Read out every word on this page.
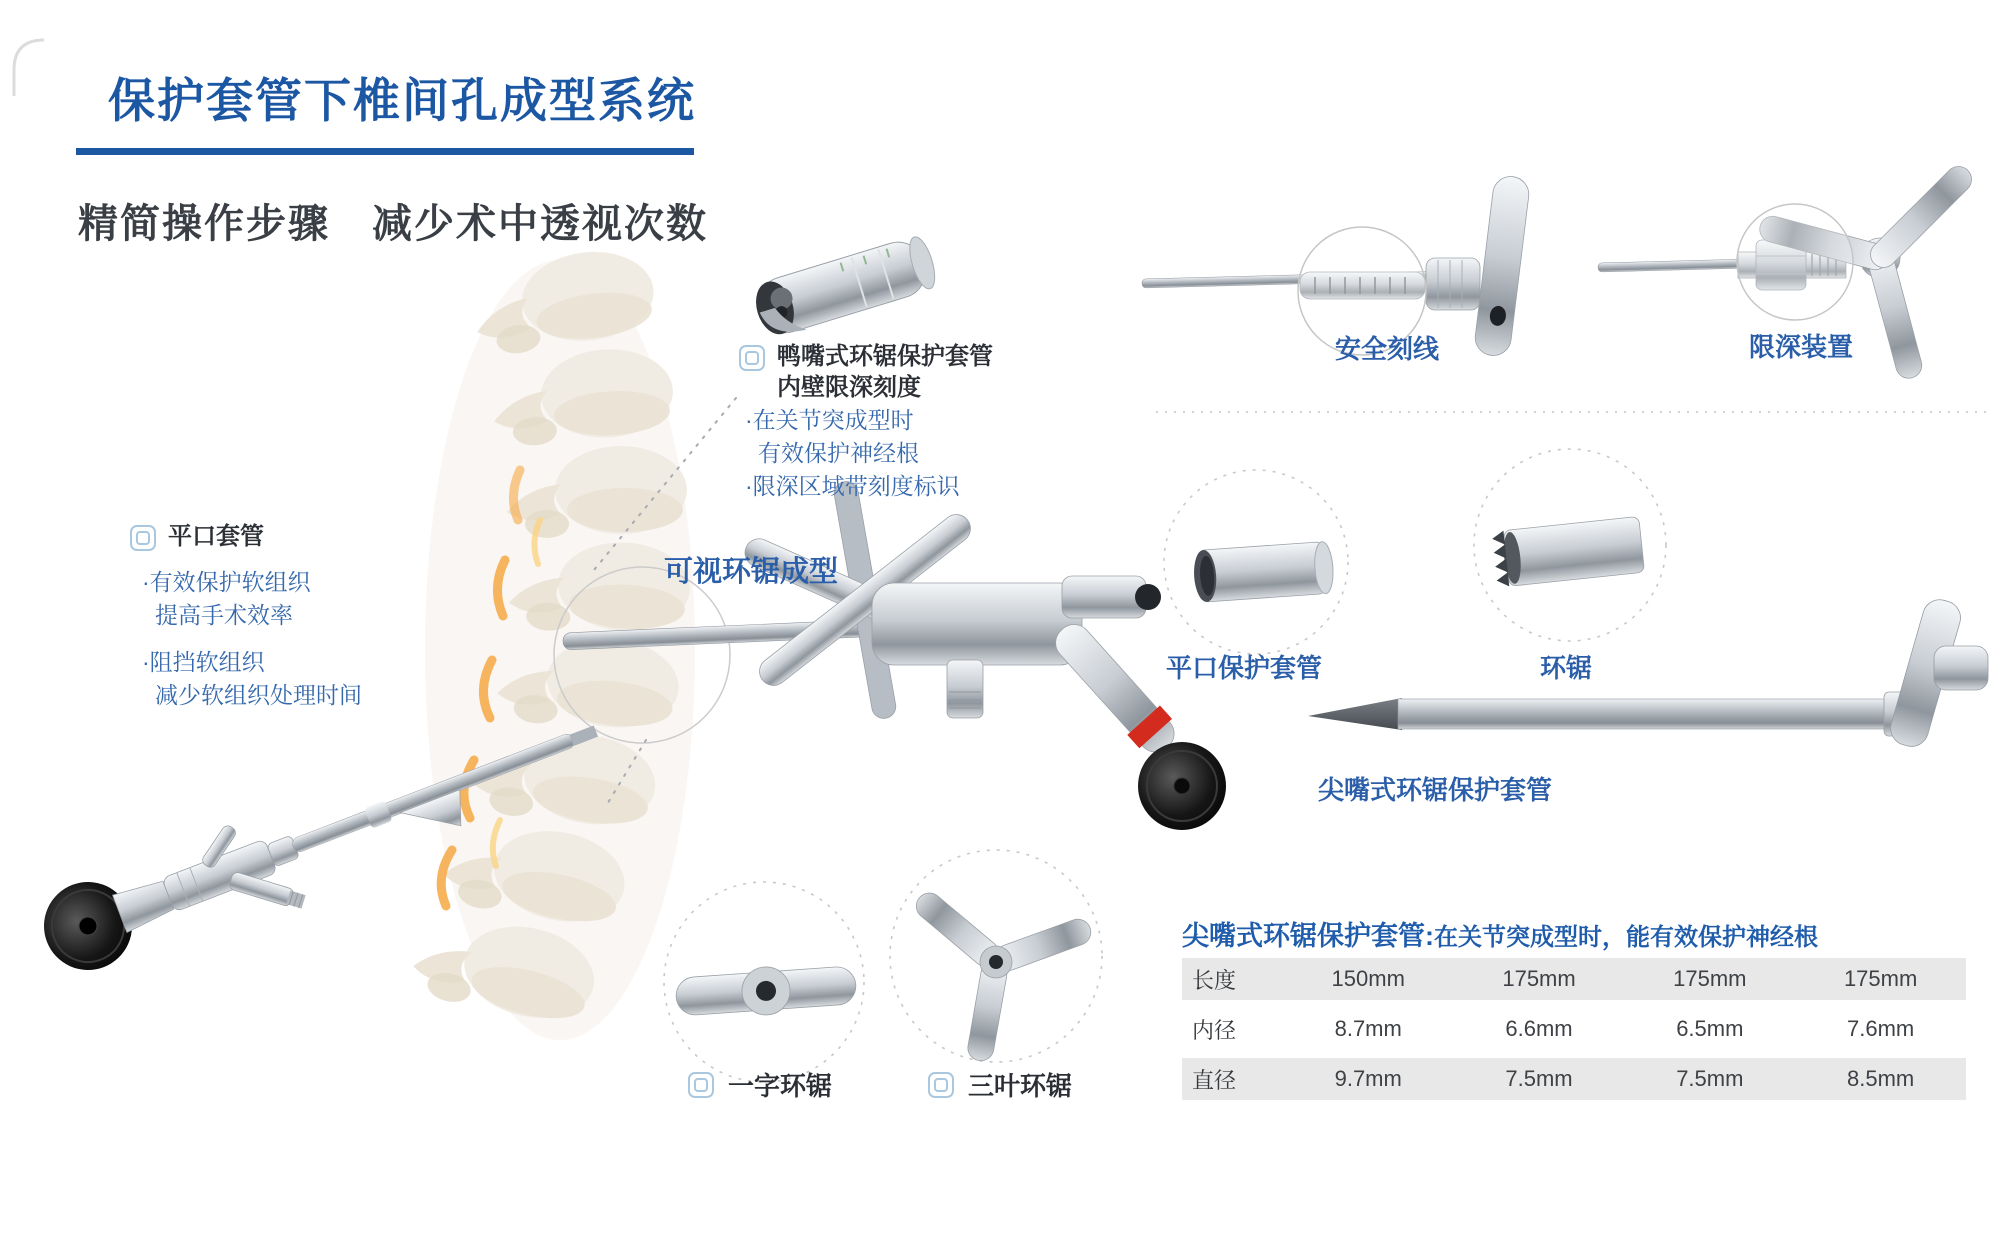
保护套管下椎间孔成型系统
精简操作步骤　减少术中透视次数
鸭嘴式环锯保护套管
内壁限深刻度
·在关节突成型时
有效保护神经根
·限深区域带刻度标识
平口套管
·有效保护软组织
提高手术效率
·阻挡软组织
减少软组织处理时间
可视环锯成型
安全刻线	限深装置
平口保护套管	环锯
尖嘴式环锯保护套管
一字环锯	三叶环锯
尖嘴式环锯保护套管:在关节突成型时，能有效保护神经根
长度	150mm	175mm	175mm	175mm
内径	8.7mm	6.6mm	6.5mm	7.6mm
直径	9.7mm	7.5mm	7.5mm	8.5mm
